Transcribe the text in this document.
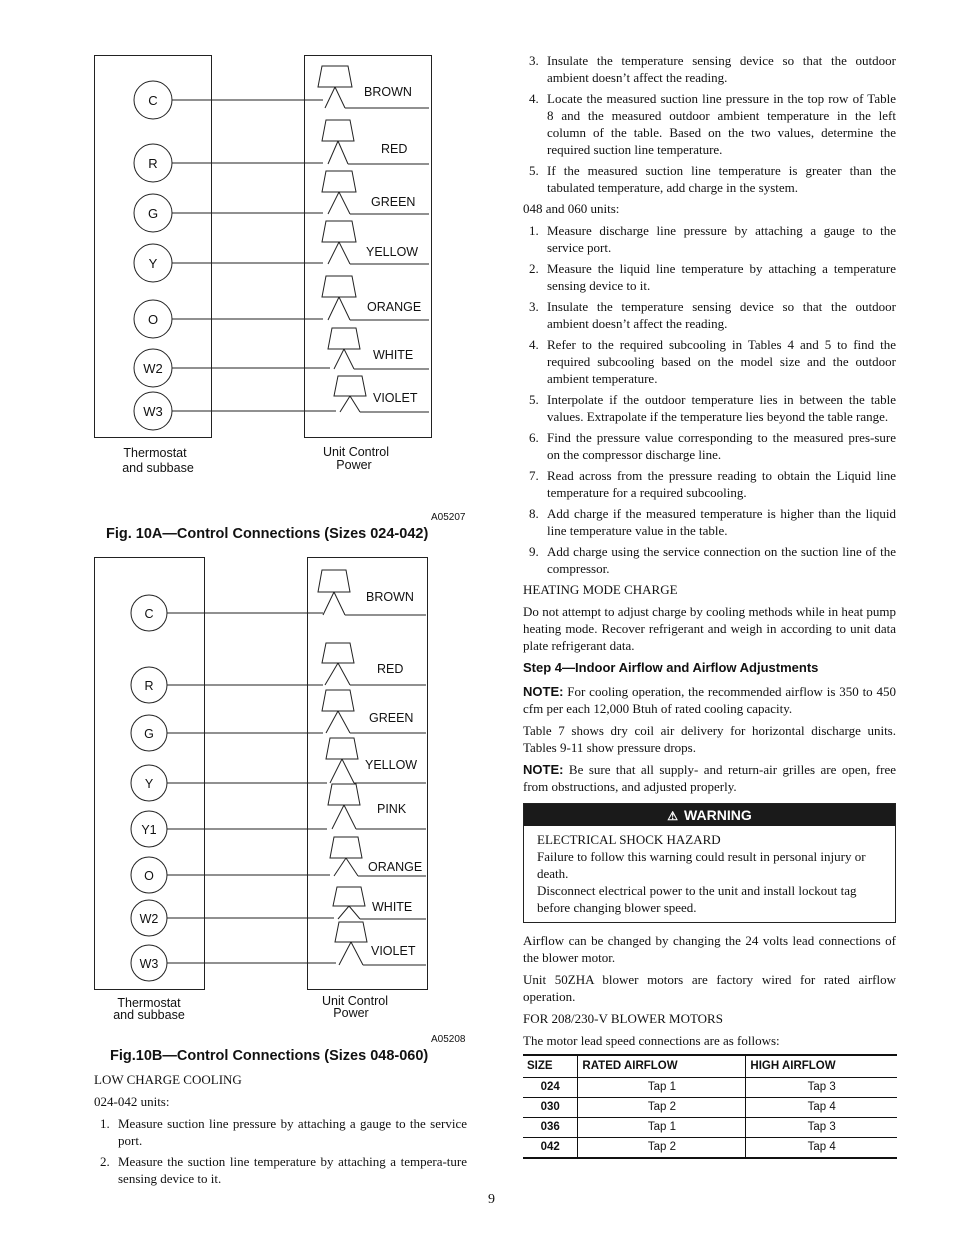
C
R
G
Y
O
W2
W3
BROWN
RED
GREEN
YELLOW
ORANGE
WHITE
VIOLET
Thermostat
and subbase
Unit Control
Power
C
R
G
Y
Y1
O
W2
W3
BROWN
RED
GREEN
YELLOW
PINK
ORANGE
WHITE
VIOLET
Thermostat
and subbase
Unit Control
Power
A05207
Fig. 10A—Control Connections (Sizes 024-042)
A05208
Fig.10B—Control Connections (Sizes 048-060)

LOW CHARGE COOLING

024-042 units:

1. Measure suction line pressure by attaching a gauge to the service port.
2. Measure the suction line temperature by attaching a tempera-ture sensing device to it.
3. Insulate the temperature sensing device so that the outdoor ambient doesn’t affect the reading.
4. Locate the measured suction line pressure in the top row of Table 8 and the measured outdoor ambient temperature in the left column of the table. Based on the two values, determine the required suction line temperature.
5. If the measured suction line temperature is greater than the tabulated temperature, add charge in the system.

048 and 060 units:

1. Measure discharge line pressure by attaching a gauge to the service port.
2. Measure the liquid line temperature by attaching a temperature sensing device to it.
3. Insulate the temperature sensing device so that the outdoor ambient doesn’t affect the reading.
4. Refer to the required subcooling in Tables 4 and 5 to find the required subcooling based on the model size and the outdoor ambient temperature.
5. Interpolate if the outdoor temperature lies in between the table values. Extrapolate if the temperature lies beyond the table range.
6. Find the pressure value corresponding to the measured pres-sure on the compressor discharge line.
7. Read across from the pressure reading to obtain the Liquid line temperature for a required subcooling.
8. Add charge if the measured temperature is higher than the liquid line temperature value in the table.
9. Add charge using the service connection on the suction line of the compressor.

HEATING MODE CHARGE

Do not attempt to adjust charge by cooling methods while in heat pump heating mode. Recover refrigerant and weigh in according to unit data plate refrigerant data.

Step 4—Indoor Airflow and Airflow Adjustments

NOTE: For cooling operation, the recommended airflow is 350 to 450 cfm per each 12,000 Btuh of rated cooling capacity.

Table 7 shows dry coil air delivery for horizontal discharge units. Tables 9-11 show pressure drops.

NOTE: Be sure that all supply- and return-air grilles are open, free from obstructions, and adjusted properly.

⚠ WARNING
ELECTRICAL SHOCK HAZARD
Failure to follow this warning could result in personal injury or death.
Disconnect electrical power to the unit and install lockout tag before changing blower speed.

Airflow can be changed by changing the 24 volts lead connections of the blower motor.

Unit 50ZHA blower motors are factory wired for rated airflow operation.

FOR 208/230-V BLOWER MOTORS

The motor lead speed connections are as follows:

SIZE	RATED AIRFLOW	HIGH AIRFLOW
024	Tap 1	Tap 3
030	Tap 2	Tap 4
036	Tap 1	Tap 3
042	Tap 2	Tap 4
9
